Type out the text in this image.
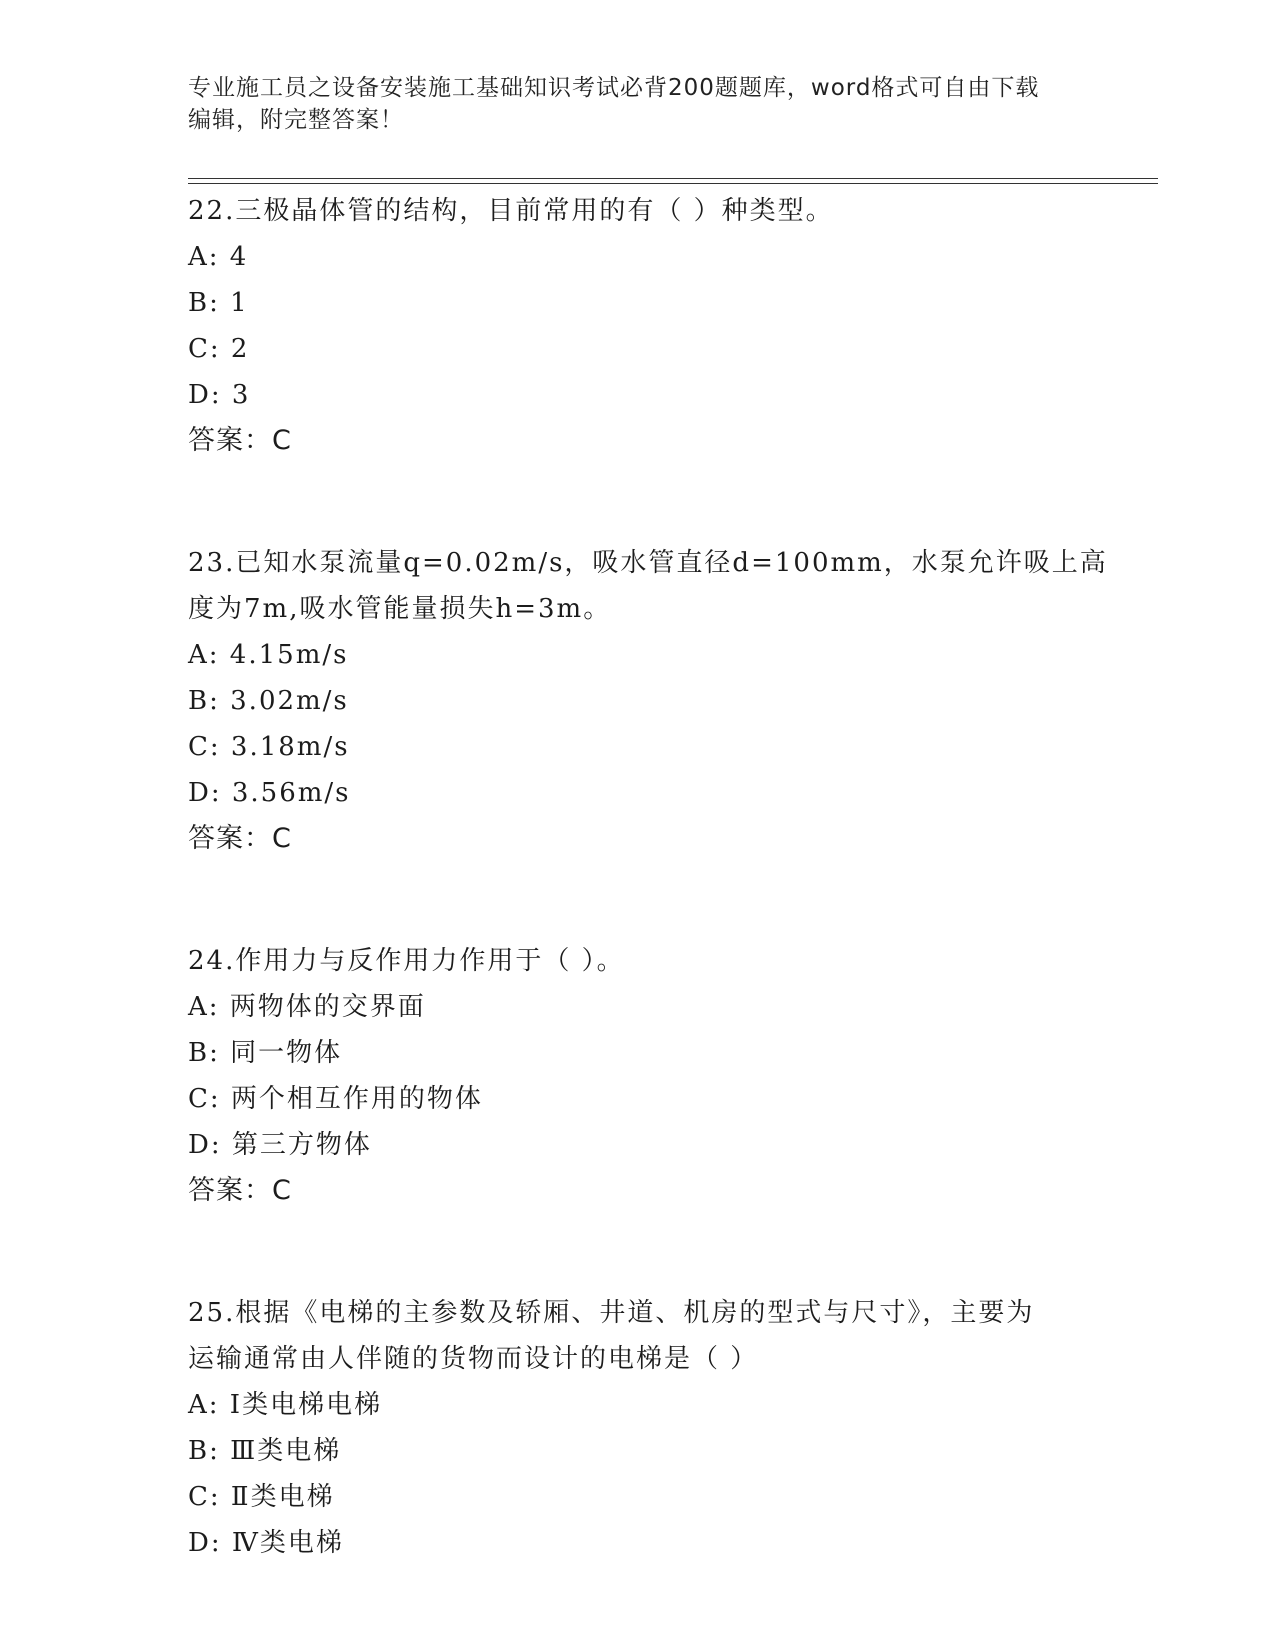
专业施工员之设备安装施工基础知识考试必背200题题库，word格式可自由下载
编辑，附完整答案！
22.三极晶体管的结构，目前常用的有（ ）种类型。
A: 4
B: 1
C: 2
D: 3
答案：C
23.已知水泵流量q=0.02m/s，吸水管直径d=100mm，水泵允许吸上高
度为7m,吸水管能量损失h=3m。
A: 4.15m/s
B: 3.02m/s
C: 3.18m/s
D: 3.56m/s
答案：C
24.作用力与反作用力作用于（ ）。
A: 两物体的交界面
B: 同一物体
C: 两个相互作用的物体
D: 第三方物体
答案：C
25.根据《电梯的主参数及轿厢、井道、机房的型式与尺寸》，主要为
运输通常由人伴随的货物而设计的电梯是（ ）
A: Ⅰ类电梯电梯
B: Ⅲ类电梯
C: Ⅱ类电梯
D: Ⅳ类电梯
